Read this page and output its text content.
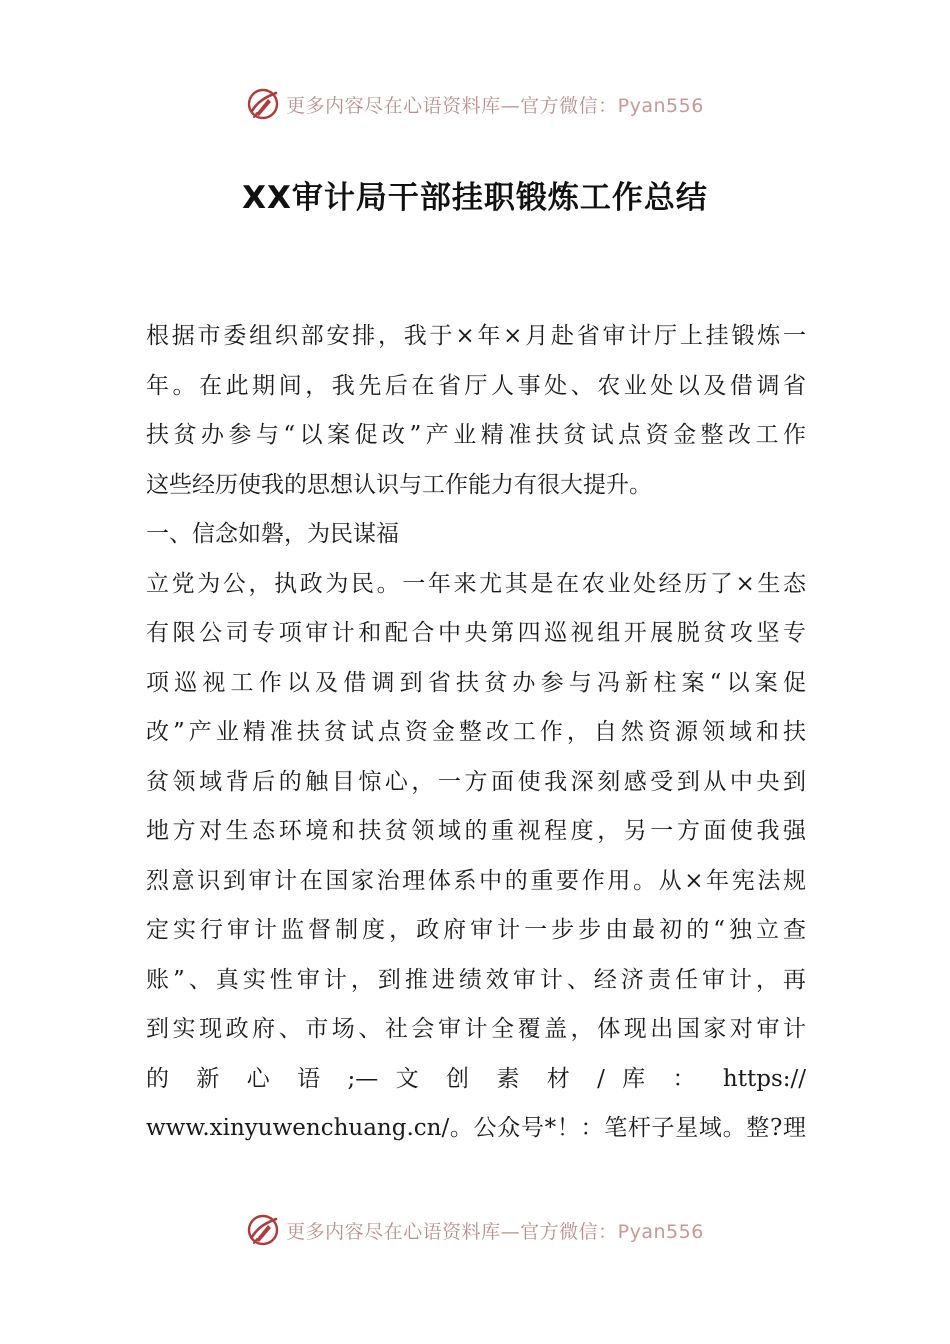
更多内容尽在心语资料库—官方微信：Pyan556
XX审计局干部挂职锻炼工作总结
根据市委组织部安排，我于×年×月赴省审计厅上挂锻炼一
年。在此期间，我先后在省厅人事处、农业处以及借调省
扶贫办参与“以案促改”产业精准扶贫试点资金整改工作
这些经历使我的思想认识与工作能力有很大提升。
一、信念如磐，为民谋福
立党为公，执政为民。一年来尤其是在农业处经历了×生态
有限公司专项审计和配合中央第四巡视组开展脱贫攻坚专
项巡视工作以及借调到省扶贫办参与冯新柱案“以案促
改”产业精准扶贫试点资金整改工作，自然资源领域和扶
贫领域背后的触目惊心，一方面使我深刻感受到从中央到
地方对生态环境和扶贫领域的重视程度，另一方面使我强
烈意识到审计在国家治理体系中的重要作用。从×年宪法规
定实行审计监督制度，政府审计一步步由最初的“独立查
账”、真实性审计，到推进绩效审计、经济责任审计，再
到实现政府、市场、社会审计全覆盖，体现出国家对审计
的 新 心 语 ;— 文 创 素 材 / 库 ： https://
www.xinyuwenchuang.cn/。公众号*！：笔杆子星域。整?理
更多内容尽在心语资料库—官方微信：Pyan556
